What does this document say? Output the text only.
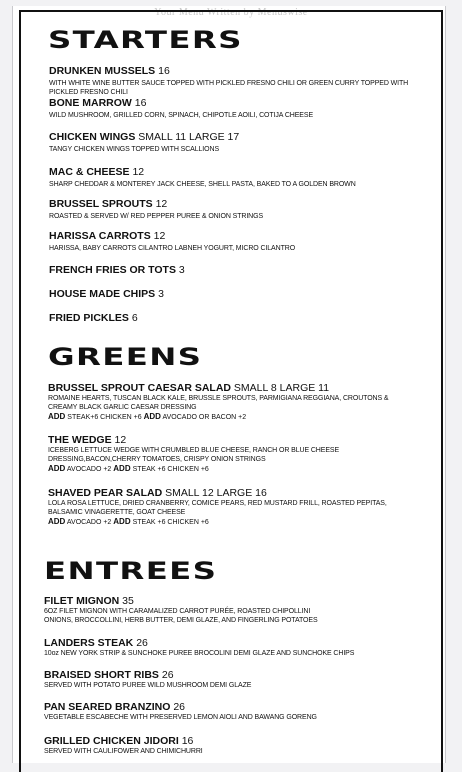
Your Menu Written by Menuswise
STARTERS
DRUNKEN MUSSELS 16
WITH WHITE WINE BUTTER SAUCE TOPPED WITH PICKLED FRESNO CHILI OR GREEN CURRY TOPPED WITH PICKLED FRESNO CHILI
BONE MARROW 16
WILD MUSHROOM, GRILLED CORN, SPINACH, CHIPOTLE AOILI, COTIJA CHEESE
CHICKEN WINGS SMALL 11 LARGE 17
TANGY CHICKEN WINGS TOPPED WITH SCALLIONS
MAC & CHEESE 12
SHARP CHEDDAR & MONTEREY JACK CHEESE, SHELL PASTA, BAKED TO A GOLDEN BROWN
BRUSSEL SPROUTS 12
ROASTED & SERVED W/ RED PEPPER PUREE & ONION STRINGS
HARISSA CARROTS 12
HARISSA, BABY CARROTS CILANTRO LABNEH YOGURT, MICRO CILANTRO
FRENCH FRIES OR TOTS 3
HOUSE MADE CHIPS 3
FRIED PICKLES 6
GREENS
BRUSSEL SPROUT CAESAR SALAD SMALL 8 LARGE 11
ROMAINE HEARTS, TUSCAN BLACK KALE, BRUSSLE SPROUTS, PARMIGIANA REGGIANA, CROUTONS & CREAMY BLACK GARLIC CAESAR DRESSING
ADD STEAK+6 CHICKEN +6 ADD AVOCADO OR BACON +2
THE WEDGE 12
ICEBERG LETTUCE WEDGE WITH CRUMBLED BLUE CHEESE, RANCH OR BLUE CHEESE DRESSING,BACON,CHERRY TOMATOES, CRISPY ONION STRINGS
ADD AVOCADO +2 ADD STEAK +6 CHICKEN +6
SHAVED PEAR SALAD SMALL 12 LARGE 16
LOLA ROSA LETTUCE, DRIED CRANBERRY, COMICE PEARS, RED MUSTARD FRILL, ROASTED PEPITAS, BALSAMIC VINAGERETTE, GOAT CHEESE
ADD AVOCADO +2 ADD STEAK +6 CHICKEN +6
ENTREES
FILET MIGNON 35
6OZ FILET MIGNON WITH CARAMALIZED CARROT PURÉE, ROASTED CHIPOLLINI ONIONS, BROCCOLLINI, HERB BUTTER, DEMI GLAZE, AND FINGERLING POTATOES
LANDERS STEAK 26
10oz NEW YORK STRIP & SUNCHOKE PUREE BROCOLINI DEMI GLAZE AND SUNCHOKE CHIPS
BRAISED SHORT RIBS 26
SERVED WITH POTATO PUREE WILD MUSHROOM DEMI GLAZE
PAN SEARED BRANZINO 26
VEGETABLE ESCABECHE WITH PRESERVED LEMON AIOLI AND BAWANG GORENG
GRILLED CHICKEN JIDORI 16
SERVED WITH CAULIFOWER AND CHIMICHURRI
